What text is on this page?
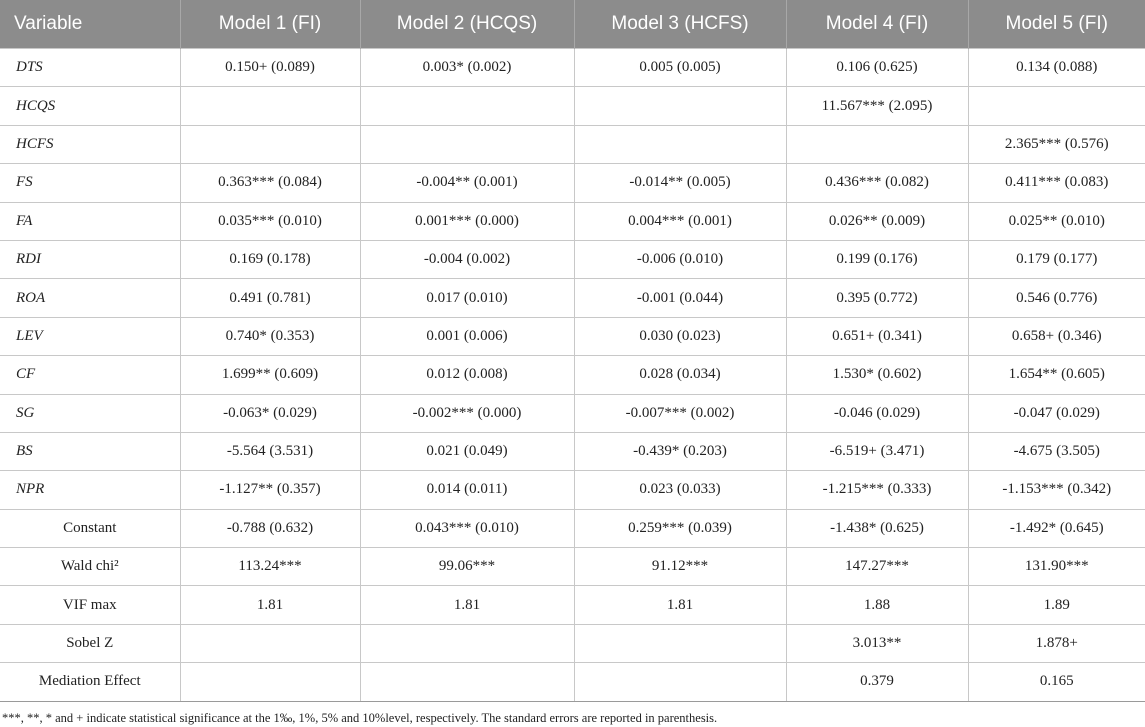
Variable	Model 1 (FI)	Model 2 (HCQS)	Model 3 (HCFS)	Model 4 (FI)	Model 5 (FI)
DTS	0.150+ (0.089)	0.003* (0.002)	0.005 (0.005)	0.106 (0.625)	0.134 (0.088)
HCQS				11.567*** (2.095)	
HCFS					2.365*** (0.576)
FS	0.363*** (0.084)	-0.004** (0.001)	-0.014** (0.005)	0.436*** (0.082)	0.411*** (0.083)
FA	0.035*** (0.010)	0.001*** (0.000)	0.004*** (0.001)	0.026** (0.009)	0.025** (0.010)
RDI	0.169 (0.178)	-0.004 (0.002)	-0.006 (0.010)	0.199 (0.176)	0.179 (0.177)
ROA	0.491 (0.781)	0.017 (0.010)	-0.001 (0.044)	0.395 (0.772)	0.546 (0.776)
LEV	0.740* (0.353)	0.001 (0.006)	0.030 (0.023)	0.651+ (0.341)	0.658+ (0.346)
CF	1.699** (0.609)	0.012 (0.008)	0.028 (0.034)	1.530* (0.602)	1.654** (0.605)
SG	-0.063* (0.029)	-0.002*** (0.000)	-0.007*** (0.002)	-0.046 (0.029)	-0.047 (0.029)
BS	-5.564 (3.531)	0.021 (0.049)	-0.439* (0.203)	-6.519+ (3.471)	-4.675 (3.505)
NPR	-1.127** (0.357)	0.014 (0.011)	0.023 (0.033)	-1.215*** (0.333)	-1.153*** (0.342)
Constant	-0.788 (0.632)	0.043*** (0.010)	0.259*** (0.039)	-1.438* (0.625)	-1.492* (0.645)
Wald chi²	113.24***	99.06***	91.12***	147.27***	131.90***
VIF max	1.81	1.81	1.81	1.88	1.89
Sobel Z				3.013**	1.878+
Mediation Effect				0.379	0.165
***, **, * and + indicate statistical significance at the 1‰, 1%, 5% and 10%level, respectively. The standard errors are reported in parenthesis.
